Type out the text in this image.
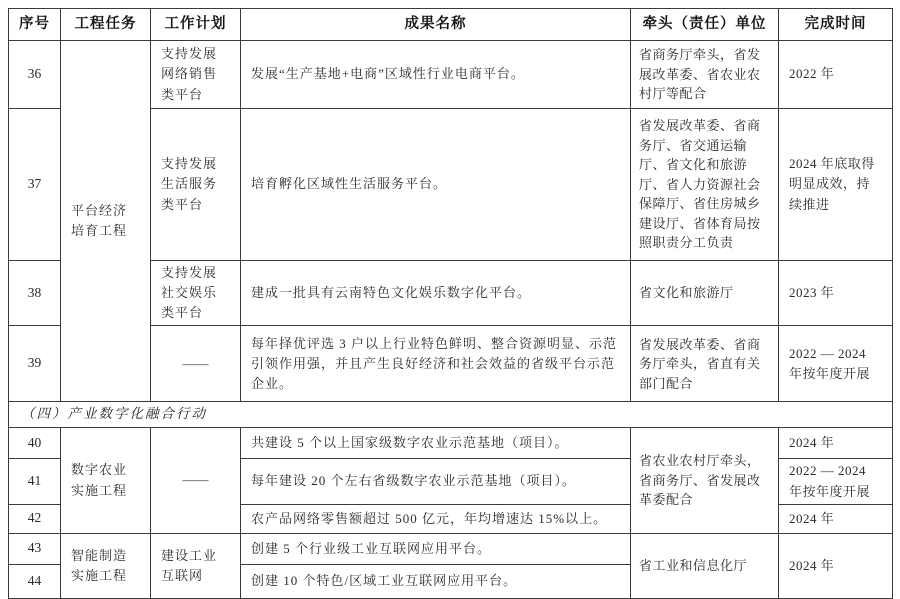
序号	工程任务	工作计划	成果名称	牵头（责任）单位	完成时间
36	平台经济培育工程	支持发展网络销售类平台	发展“生产基地+电商”区域性行业电商平台。	省商务厅牵头，省发展改革委、省农业农村厅等配合	2022 年
37		支持发展生活服务类平台	培育孵化区域性生活服务平台。	省发展改革委、省商务厅、省交通运输厅、省文化和旅游厅、省人力资源社会保障厅、省住房城乡建设厅、省体育局按照职责分工负责	2024 年底取得明显成效，持续推进
38		支持发展社交娱乐类平台	建成一批具有云南特色文化娱乐数字化平台。	省文化和旅游厅	2023 年
39		——	每年择优评选 3 户以上行业特色鲜明、整合资源明显、示范引领作用强，并且产生良好经济和社会效益的省级平台示范企业。	省发展改革委、省商务厅牵头，省直有关部门配合	2022 — 2024 年按年度开展
（四）产业数字化融合行动					
40	数字农业实施工程	——	共建设 5 个以上国家级数字农业示范基地（项目）。	省农业农村厅牵头，省商务厅、省发展改革委配合	2024 年
41			每年建设 20 个左右省级数字农业示范基地（项目）。		2022 — 2024 年按年度开展
42			农产品网络零售额超过 500 亿元，年均增速达 15%以上。		2024 年
43	智能制造实施工程	建设工业互联网	创建 5 个行业级工业互联网应用平台。	省工业和信息化厅	2024 年
44			创建 10 个特色/区域工业互联网应用平台。		
